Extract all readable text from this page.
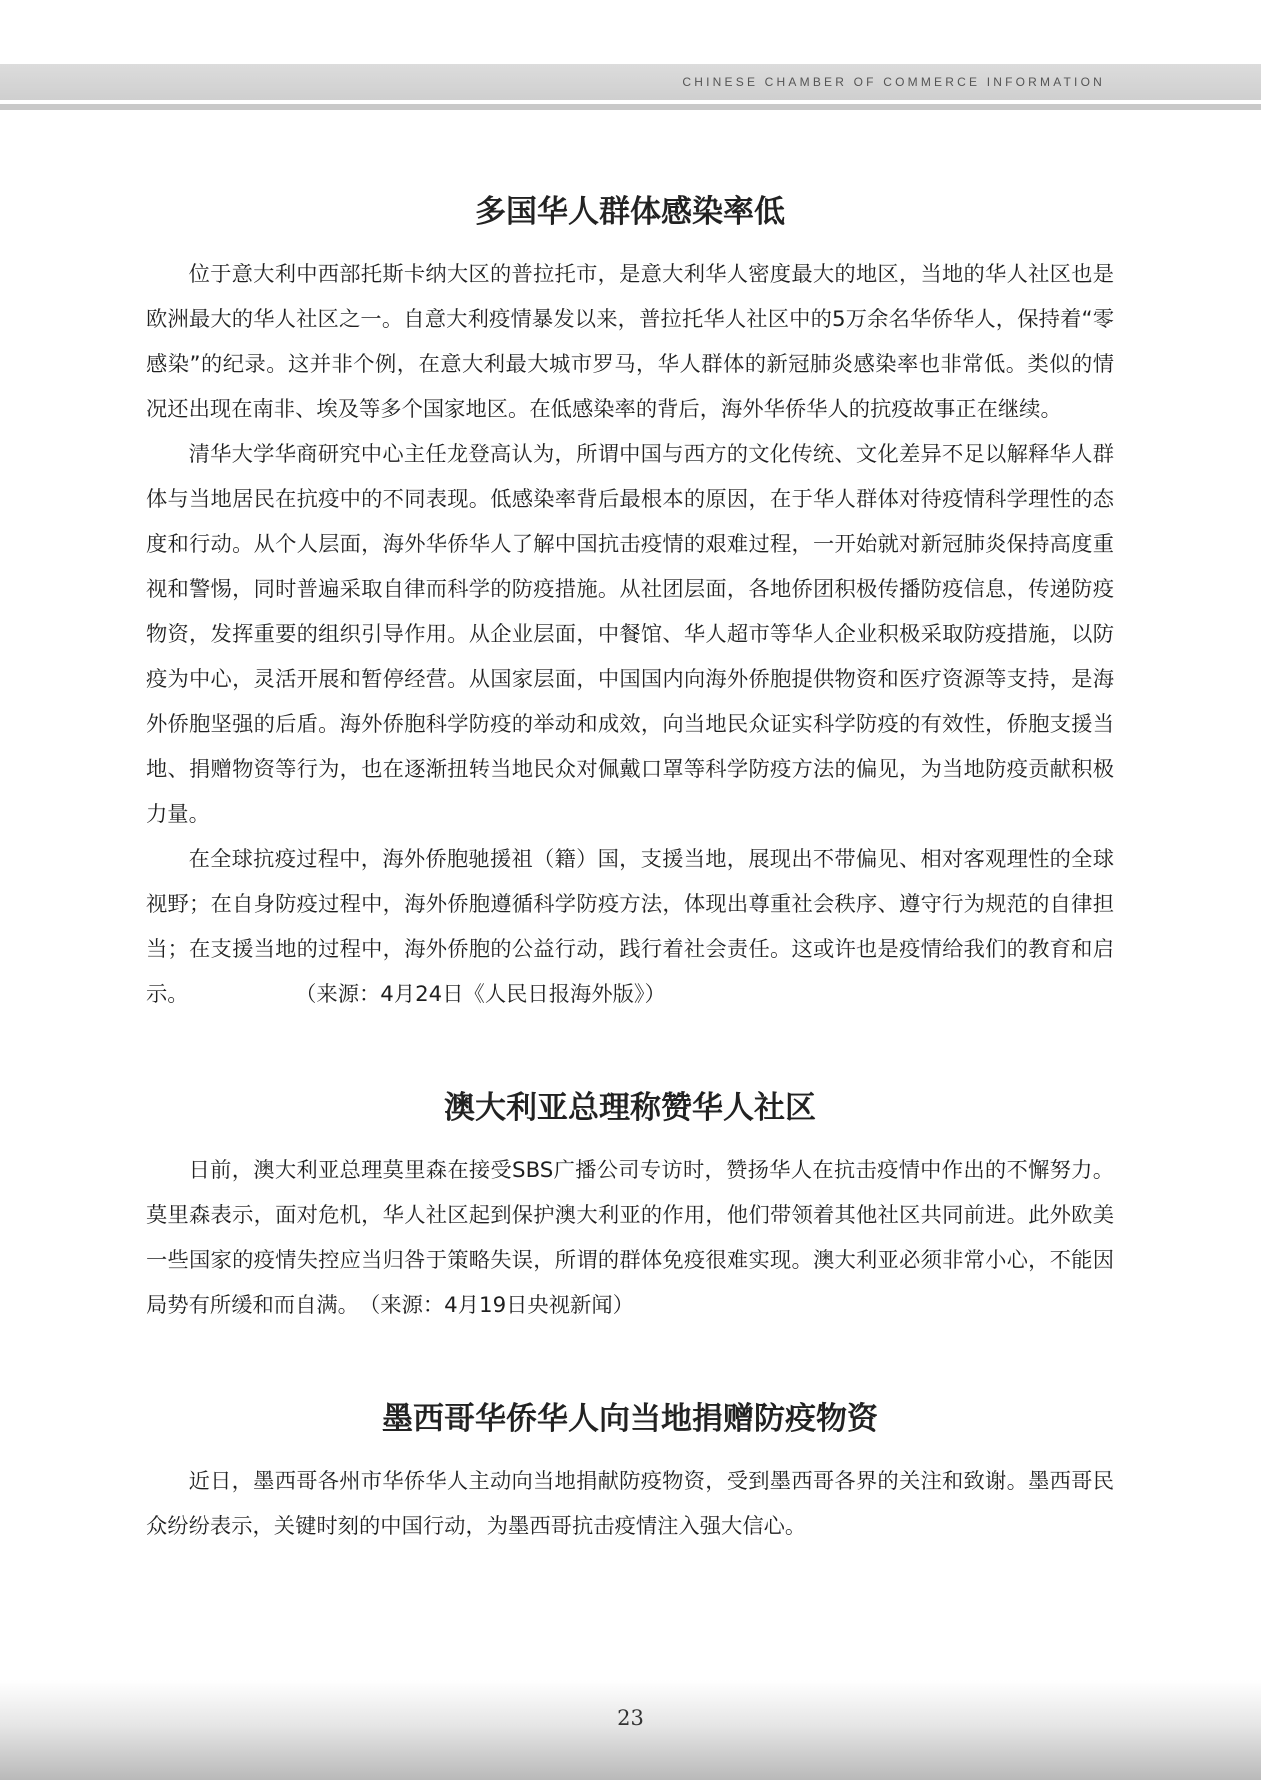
CHINESE CHAMBER OF COMMERCE INFORMATION
多国华人群体感染率低

位于意大利中西部托斯卡纳大区的普拉托市，是意大利华人密度最大的地区，当地的华人社区也是欧洲最大的华人社区之一。自意大利疫情暴发以来，普拉托华人社区中的5万余名华侨华人，保持着“零感染”的纪录。这并非个例，在意大利最大城市罗马，华人群体的新冠肺炎感染率也非常低。类似的情况还出现在南非、埃及等多个国家地区。在低感染率的背后，海外华侨华人的抗疫故事正在继续。

清华大学华商研究中心主任龙登高认为，所谓中国与西方的文化传统、文化差异不足以解释华人群体与当地居民在抗疫中的不同表现。低感染率背后最根本的原因，在于华人群体对待疫情科学理性的态度和行动。从个人层面，海外华侨华人了解中国抗击疫情的艰难过程，一开始就对新冠肺炎保持高度重视和警惕，同时普遍采取自律而科学的防疫措施。从社团层面，各地侨团积极传播防疫信息，传递防疫物资，发挥重要的组织引导作用。从企业层面，中餐馆、华人超市等华人企业积极采取防疫措施，以防疫为中心，灵活开展和暂停经营。从国家层面，中国国内向海外侨胞提供物资和医疗资源等支持，是海外侨胞坚强的后盾。海外侨胞科学防疫的举动和成效，向当地民众证实科学防疫的有效性，侨胞支援当地、捐赠物资等行为，也在逐渐扭转当地民众对佩戴口罩等科学防疫方法的偏见，为当地防疫贡献积极力量。

在全球抗疫过程中，海外侨胞驰援祖（籍）国，支援当地，展现出不带偏见、相对客观理性的全球视野；在自身防疫过程中，海外侨胞遵循科学防疫方法，体现出尊重社会秩序、遵守行为规范的自律担当；在支援当地的过程中，海外侨胞的公益行动，践行着社会责任。这或许也是疫情给我们的教育和启示。　　　　　　	（来源：4月24日《人民日报海外版》）

澳大利亚总理称赞华人社区

日前，澳大利亚总理莫里森在接受SBS广播公司专访时，赞扬华人在抗击疫情中作出的不懈努力。莫里森表示，面对危机，华人社区起到保护澳大利亚的作用，他们带领着其他社区共同前进。此外欧美一些国家的疫情失控应当归咎于策略失误，所谓的群体免疫很难实现。澳大利亚必须非常小心，不能因局势有所缓和而自满。　 （来源：4月19日央视新闻）

墨西哥华侨华人向当地捐赠防疫物资

近日，墨西哥各州市华侨华人主动向当地捐献防疫物资，受到墨西哥各界的关注和致谢。墨西哥民众纷纷表示，关键时刻的中国行动，为墨西哥抗击疫情注入强大信心。

23
